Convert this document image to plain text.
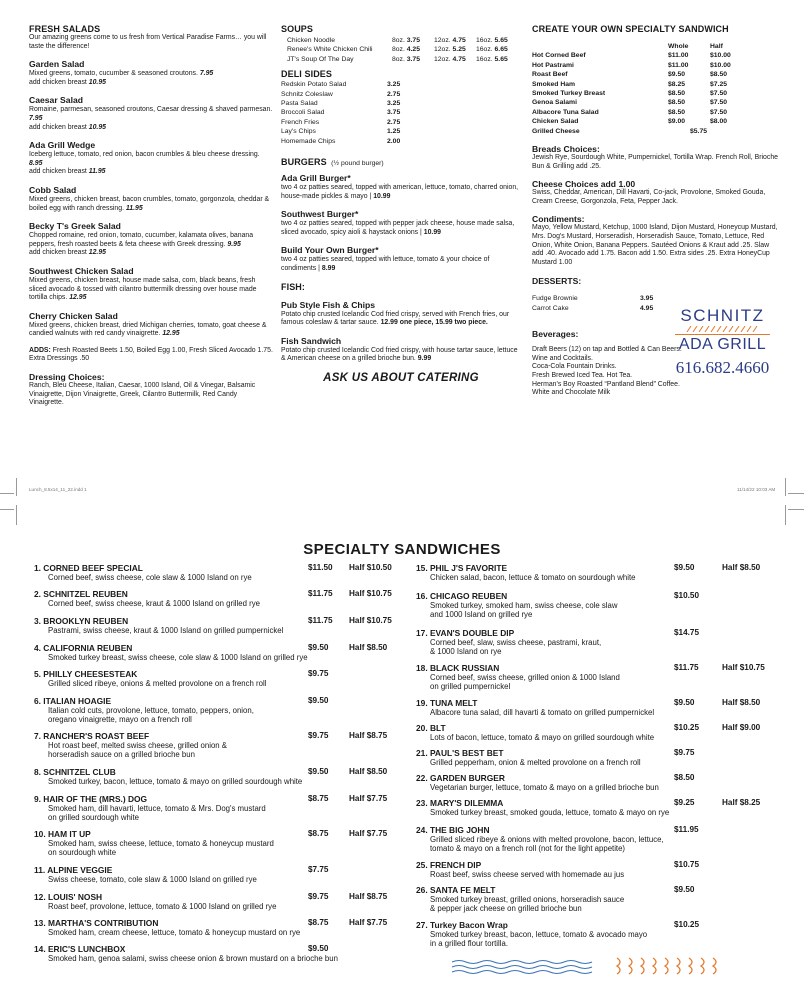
FRESH SALADS
Our amazing greens come to us fresh from Vertical Paradise Farms… you will taste the difference!
Garden Salad
Mixed greens, tomato, cucumber & seasoned croutons. 7.95
add chicken breast 10.95
Caesar Salad
Romaine, parmesan, seasoned croutons, Caesar dressing & shaved parmesan. 7.95
add chicken breast 10.95
Ada Grill Wedge
Iceberg lettuce, tomato, red onion, bacon crumbles & bleu cheese dressing. 8.95
add chicken breast 11.95
Cobb Salad
Mixed greens, chicken breast, bacon crumbles, tomato, gorgonzola, cheddar & boiled egg with ranch dressing. 11.95
Becky T's Greek Salad
Chopped romaine, red onion, tomato, cucumber, kalamata olives, banana peppers, fresh roasted beets & feta cheese with Greek dressing. 9.95
add chicken breast 12.95
Southwest Chicken Salad
Mixed greens, chicken breast, house made salsa, corn, black beans, fresh sliced avocado & tossed with cilantro buttermilk dressing over house made tortilla chips. 12.95
Cherry Chicken Salad
Mixed greens, chicken breast, dried Michigan cherries, tomato, goat cheese & candied walnuts with red candy vinaigrette. 12.95
ADDS: Fresh Roasted Beets 1.50, Boiled Egg 1.00, Fresh Sliced Avocado 1.75. Extra Dressings .50
Dressing Choices:
Ranch, Bleu Cheese, Italian, Caesar, 1000 Island, Oil & Vinegar, Balsamic Vinaigrette, Dijon Vinaigrette, Greek, Cilantro Buttermilk, Red Candy Vinaigrette.
SOUPS
Chicken Noodle	8oz. 3.75	12oz. 4.75	16oz. 5.65
Renee's White Chicken Chili	8oz. 4.25	12oz. 5.25	16oz. 6.65
JT's Soup Of The Day	8oz. 3.75	12oz. 4.75	16oz. 5.65
DELI SIDES
Redskin Potato Salad	3.25
Schnitz Coleslaw	2.75
Pasta Salad	3.25
Broccoli Salad	3.75
French Fries	2.75
Lay's Chips	1.25
Homemade Chips	2.00
BURGERS (½ pound burger)
Ada Grill Burger*
two 4 oz patties seared, topped with american, lettuce, tomato, charred onion, house-made pickles & mayo | 10.99
Southwest Burger*
two 4 oz patties seared, topped with pepper jack cheese, house made salsa, sliced avocado, spicy aioli & haystack onions | 10.99
Build Your Own Burger*
two 4 oz patties seared, topped with lettuce, tomato & your choice of condiments | 8.99
FISH:
Pub Style Fish & Chips
Potato chip crusted Icelandic Cod fried crispy, served with French fries, our famous coleslaw & tartar sauce. 12.99 one piece, 15.99 two piece.
Fish Sandwich
Potato chip crusted Icelandic Cod fried crispy, with house tartar sauce, lettuce & American cheese on a grilled brioche bun. 9.99
ASK US ABOUT CATERING
CREATE YOUR OWN SPECIALTY SANDWICH
Whole	Half
Hot Corned Beef	$11.00	$10.00
Hot Pastrami	$11.00	$10.00
Roast Beef	$9.50	$8.50
Smoked Ham	$8.25	$7.25
Smoked Turkey Breast	$8.50	$7.50
Genoa Salami	$8.50	$7.50
Albacore Tuna Salad	$8.50	$7.50
Chicken Salad	$9.00	$8.00
Grilled Cheese	$5.75
Breads Choices:
Jewish Rye, Sourdough White, Pumpernickel, Tortilla Wrap. French Roll, Brioche Bun & Grilling add .25.
Cheese Choices add 1.00
Swiss, Cheddar, American, Dill Havarti, Co-jack, Provolone, Smoked Gouda, Cream Creese, Gorgonzola, Feta, Pepper Jack.
Condiments:
Mayo, Yellow Mustard, Ketchup, 1000 Island, Dijon Mustard, Honeycup Mustard, Mrs. Dog's Mustard, Horseradish, Horseradish Sauce, Tomato, Lettuce, Red Onion, White Onion, Banana Peppers. Sautéed Onions & Kraut add .25. Slaw add .40. Avocado add 1.75. Bacon add 1.50. Extra sides .25. Extra HoneyCup Mustard 1.00
DESSERTS:
Fudge Brownie	3.95
Carrot Cake	4.95
Beverages:
Draft Beers (12) on tap and Bottled & Can Beers.
Wine and Cocktails.
Coca-Cola Fountain Drinks.
Fresh Brewed Iced Tea. Hot Tea.
Herman's Boy Roasted “Pantland Blend” Coffee.
White and Chocolate Milk
SCHNITZ
ADA GRILL
616.682.4660
Lunch_8.5x14_11_22.indd 1	11/14/22 10:03 AM
SPECIALTY SANDWICHES
1. CORNED BEEF SPECIAL
Corned beef, swiss cheese, cole slaw & 1000 Island on rye
$11.50 Half $10.50
2. SCHNITZEL REUBEN
Corned beef, swiss cheese, kraut & 1000 Island on grilled rye
$11.75 Half $10.75
3. BROOKLYN REUBEN
Pastrami, swiss cheese, kraut & 1000 Island on grilled pumpernickel
$11.75 Half $10.75
4. CALIFORNIA REUBEN
Smoked turkey breast, swiss cheese, cole slaw & 1000 Island on grilled rye
$9.50	Half $8.50
5. PHILLY CHEESESTEAK
Grilled sliced ribeye, onions & melted provolone on a french roll
$9.75
6. ITALIAN HOAGIE
Italian cold cuts, provolone, lettuce, tomato, peppers, onion,
oregano vinaigrette, mayo on a french roll
$9.50
7. RANCHER'S ROAST BEEF
Hot roast beef, melted swiss cheese, grilled onion &
horseradish sauce on a grilled brioche bun
$9.75	Half $8.75
8. SCHNITZEL CLUB
Smoked turkey, bacon, lettuce, tomato & mayo on grilled sourdough white
$9.50	Half $8.50
9. HAIR OF THE (MRS.) DOG
Smoked ham, dill havarti, lettuce, tomato & Mrs. Dog's mustard
on grilled sourdough white
$8.75	Half $7.75
10. HAM IT UP
Smoked ham, swiss cheese, lettuce, tomato & honeycup mustard
on sourdough white
$8.75	Half $7.75
11. ALPINE VEGGIE
Swiss cheese, tomato, cole slaw & 1000 Island on grilled rye
$7.75
12. LOUIS' NOSH
Roast beef, provolone, lettuce, tomato & 1000 Island on grilled rye
$9.75	Half $8.75
13. MARTHA'S CONTRIBUTION
Smoked ham, cream cheese, lettuce, tomato & honeycup mustard on rye
$8.75	Half $7.75
14. ERIC'S LUNCHBOX
Smoked ham, genoa salami, swiss cheese onion & brown mustard on a brioche bun
$9.50
15. PHIL J'S FAVORITE
Chicken salad, bacon, lettuce & tomato on sourdough white
$9.50	Half $8.50
16. CHICAGO REUBEN
Smoked turkey, smoked ham, swiss cheese, cole slaw
and 1000 Island on grilled rye
$10.50
17. EVAN'S DOUBLE DIP
Corned beef, slaw, swiss cheese, pastrami, kraut,
& 1000 Island on rye
$14.75
18. BLACK RUSSIAN
Corned beef, swiss cheese, grilled onion & 1000 Island
on grilled pumpernickel
$11.75	Half $10.75
19. TUNA MELT
Albacore tuna salad, dill havarti & tomato on grilled pumpernickel
$9.50	Half $8.50
20. BLT
Lots of bacon, lettuce, tomato & mayo on grilled sourdough white
$10.25	Half $9.00
21. PAUL'S BEST BET
Grilled pepperham, onion & melted provolone on a french roll
$9.75
22. GARDEN BURGER
Vegetarian burger, lettuce, tomato & mayo on a grilled brioche bun
$8.50
23. MARY'S DILEMMA
Smoked turkey breast, smoked gouda, lettuce, tomato & mayo on rye
$9.25	Half $8.25
24. THE BIG JOHN
Grilled sliced ribeye & onions with melted provolone, bacon, lettuce,
tomato & mayo on a french roll (not for the light appetite)
$11.95
25. FRENCH DIP
Roast beef, swiss cheese served with homemade au jus
$10.75
26. SANTA FE MELT
Smoked turkey breast, grilled onions, horseradish sauce
& pepper jack cheese on grilled brioche bun
$9.50
27. Turkey Bacon Wrap
Smoked turkey breast, bacon, lettuce, tomato & avocado mayo
in a grilled flour tortilla.
$10.25
